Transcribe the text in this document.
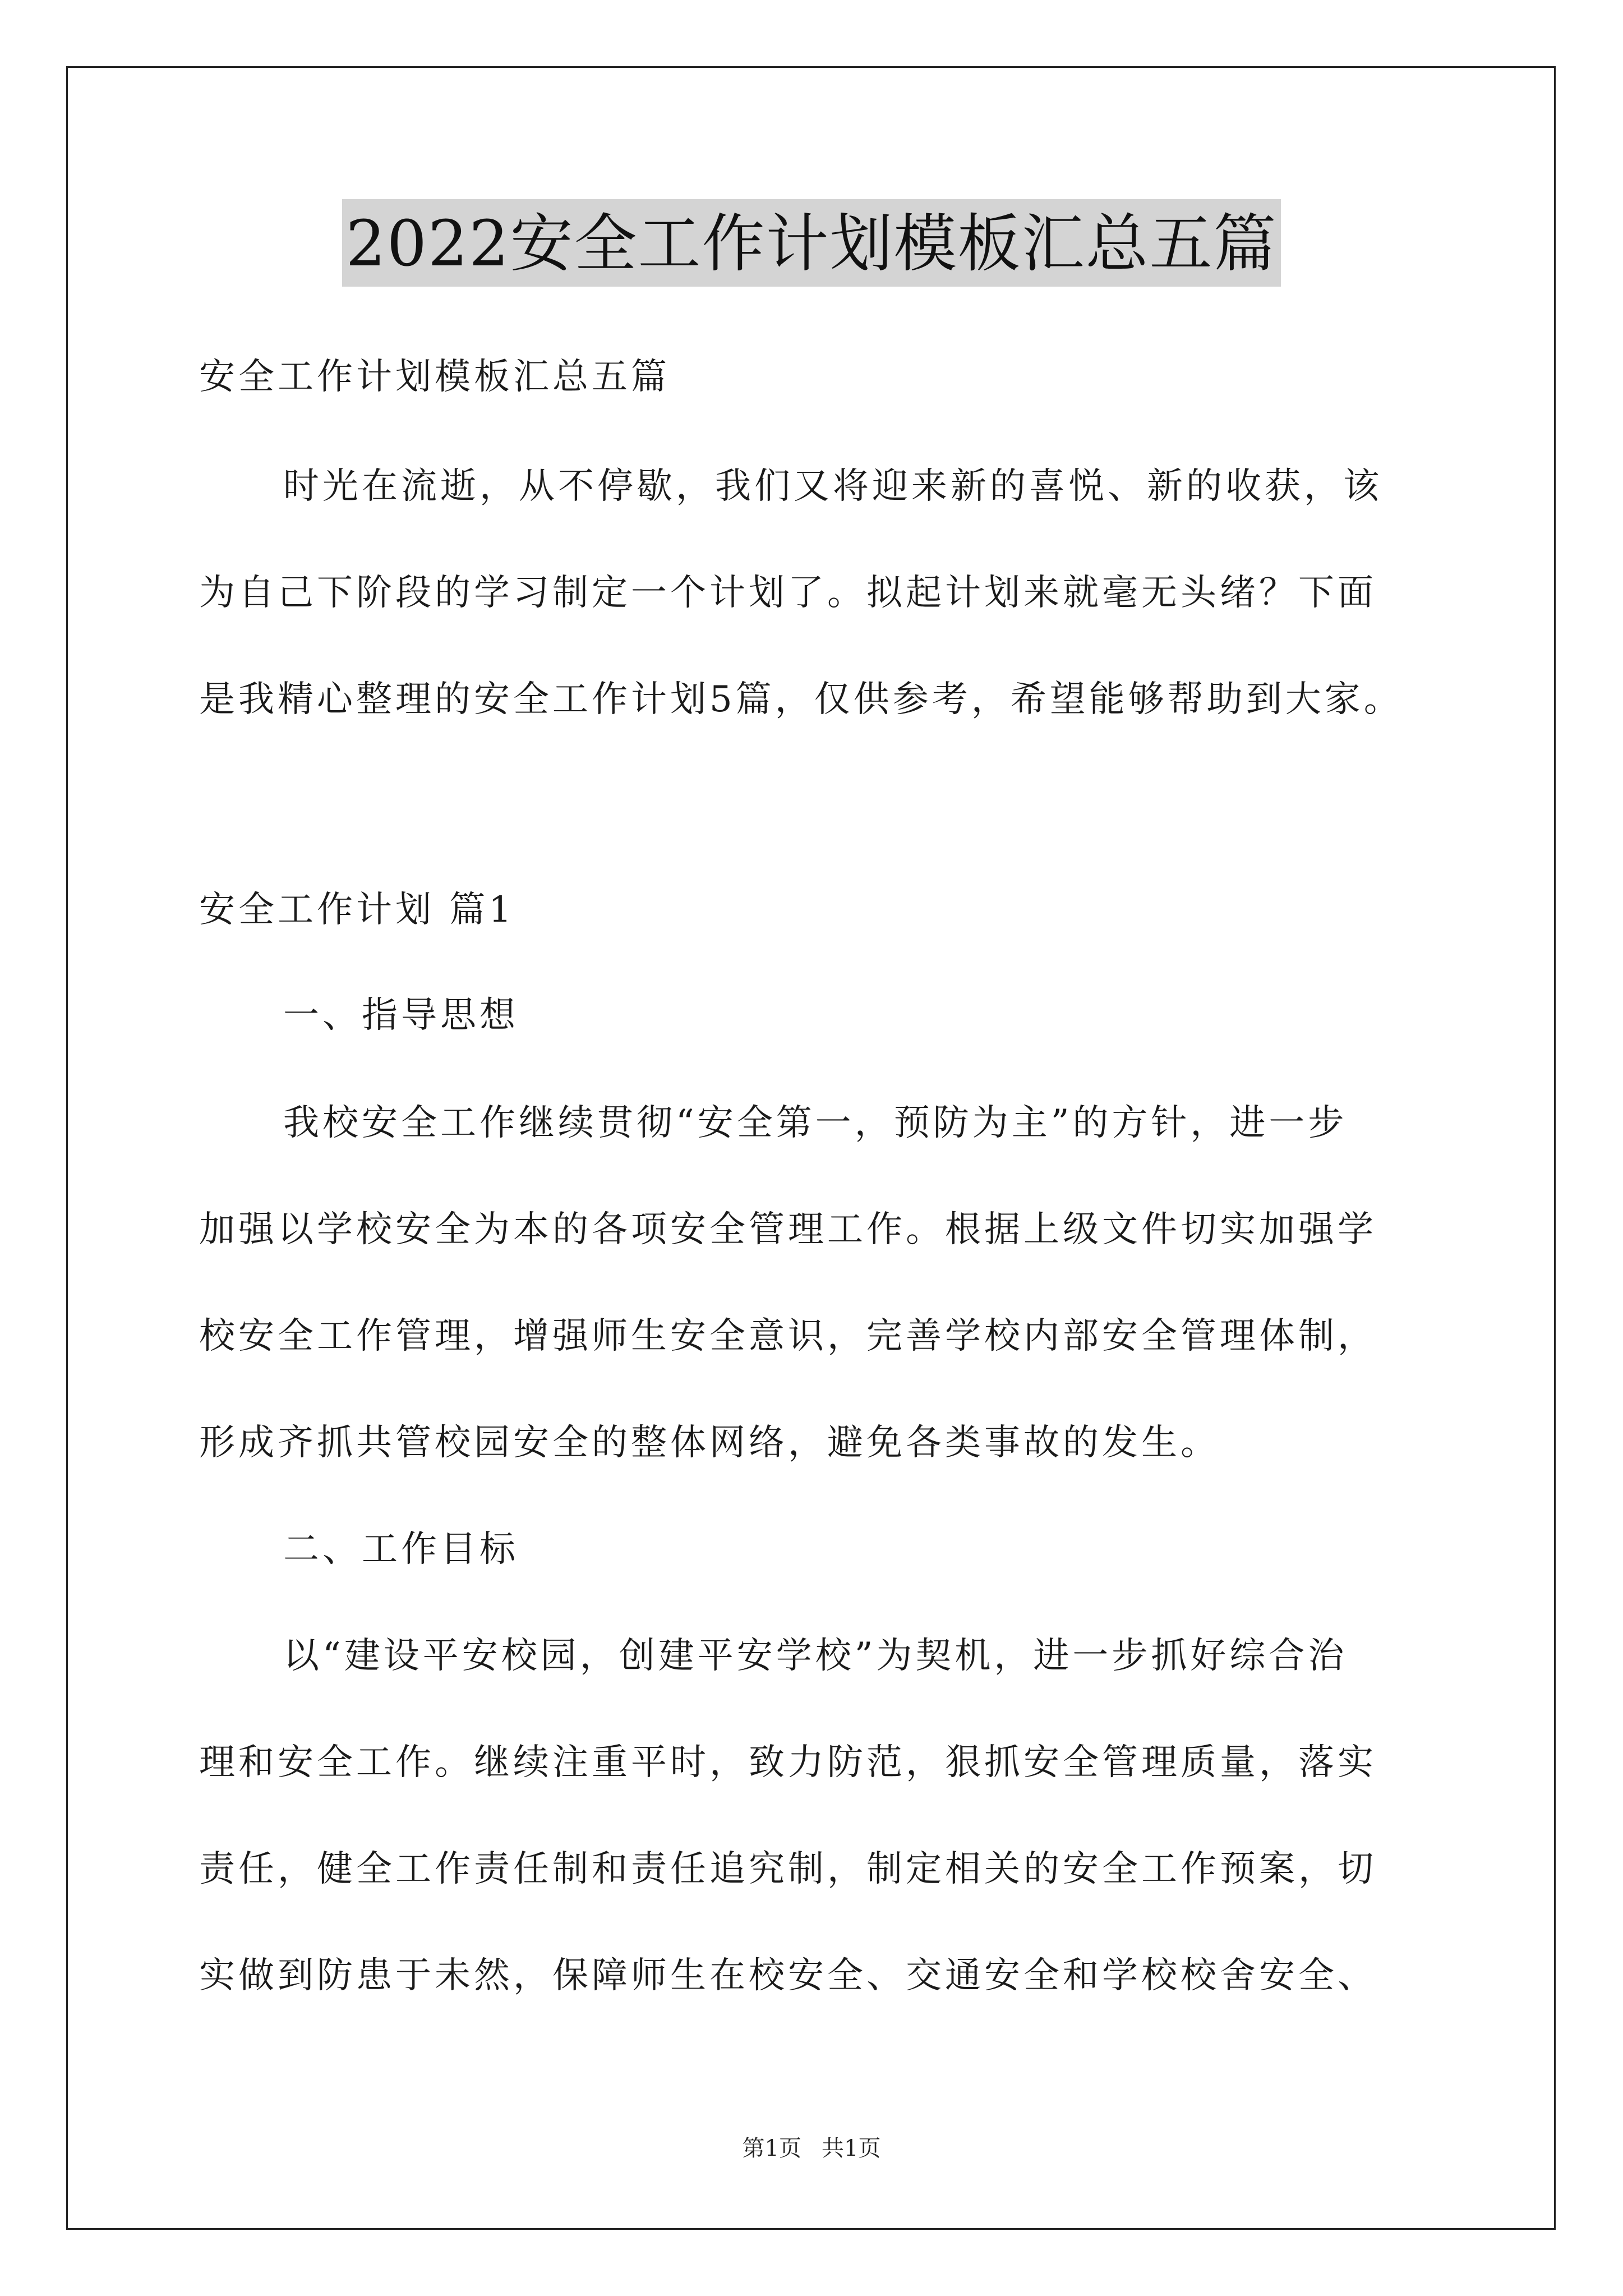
2022安全工作计划模板汇总五篇
安全工作计划模板汇总五篇
时光在流逝，从不停歇，我们又将迎来新的喜悦、新的收获，该
为自己下阶段的学习制定一个计划了。拟起计划来就毫无头绪？下面
是我精心整理的安全工作计划5篇，仅供参考，希望能够帮助到大家。
安全工作计划 篇1
一、指导思想
我校安全工作继续贯彻“安全第一，预防为主”的方针，进一步
加强以学校安全为本的各项安全管理工作。根据上级文件切实加强学
校安全工作管理，增强师生安全意识，完善学校内部安全管理体制，
形成齐抓共管校园安全的整体网络，避免各类事故的发生。
二、工作目标
以“建设平安校园，创建平安学校”为契机，进一步抓好综合治
理和安全工作。继续注重平时，致力防范，狠抓安全管理质量，落实
责任，健全工作责任制和责任追究制，制定相关的安全工作预案，切
实做到防患于未然，保障师生在校安全、交通安全和学校校舍安全、
第1页 共1页
